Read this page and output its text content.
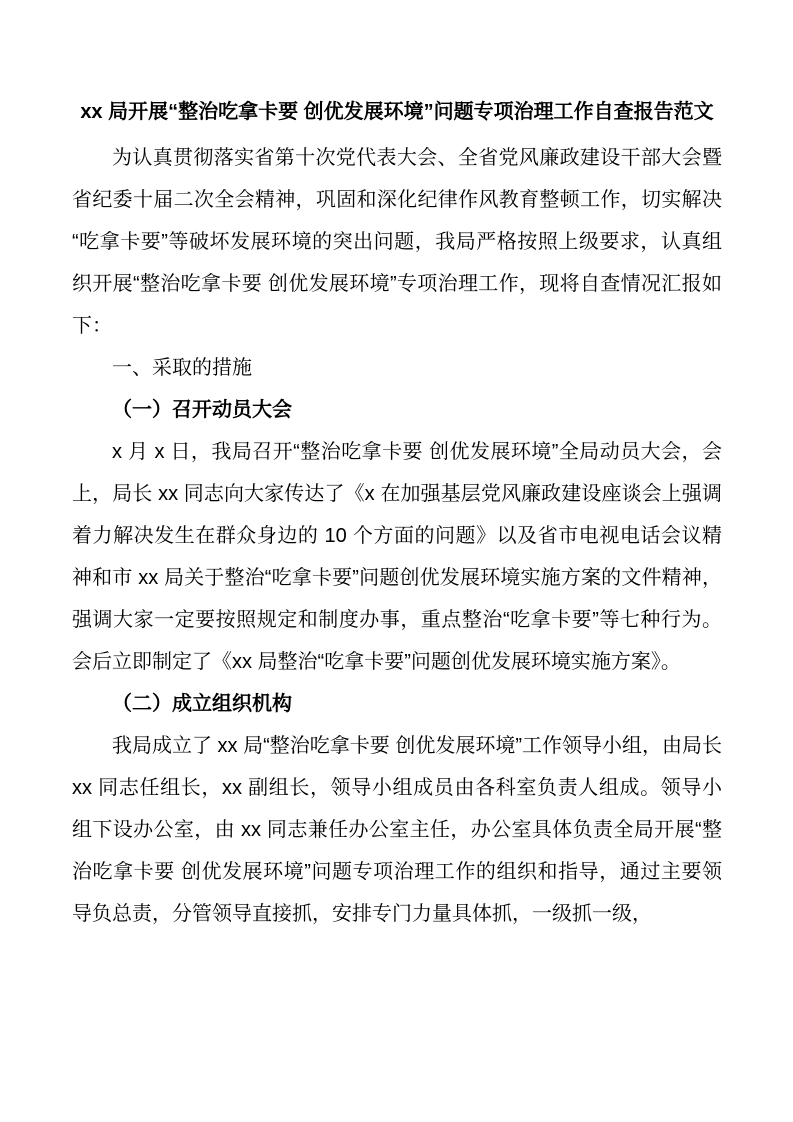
xx 局开展“整治吃拿卡要 创优发展环境”问题专项治理工作自查报告范文

为认真贯彻落实省第十次党代表大会、全省党风廉政建设干部大会暨省纪委十届二次全会精神，巩固和深化纪律作风教育整顿工作，切实解决“吃拿卡要”等破坏发展环境的突出问题，我局严格按照上级要求，认真组织开展“整治吃拿卡要 创优发展环境”专项治理工作，现将自查情况汇报如下：

一、采取的措施

（一）召开动员大会

x 月 x 日，我局召开“整治吃拿卡要 创优发展环境”全局动员大会，会上，局长 xx 同志向大家传达了《x 在加强基层党风廉政建设座谈会上强调着力解决发生在群众身边的 10 个方面的问题》以及省市电视电话会议精神和市 xx 局关于整治“吃拿卡要”问题创优发展环境实施方案的文件精神，强调大家一定要按照规定和制度办事，重点整治“吃拿卡要”等七种行为。会后立即制定了《xx 局整治“吃拿卡要”问题创优发展环境实施方案》。

（二）成立组织机构

我局成立了 xx 局“整治吃拿卡要 创优发展环境”工作领导小组，由局长 xx 同志任组长，xx 副组长，领导小组成员由各科室负责人组成。领导小组下设办公室，由 xx 同志兼任办公室主任，办公室具体负责全局开展“整治吃拿卡要 创优发展环境”问题专项治理工作的组织和指导，通过主要领导负总责，分管领导直接抓，安排专门力量具体抓，一级抓一级，
